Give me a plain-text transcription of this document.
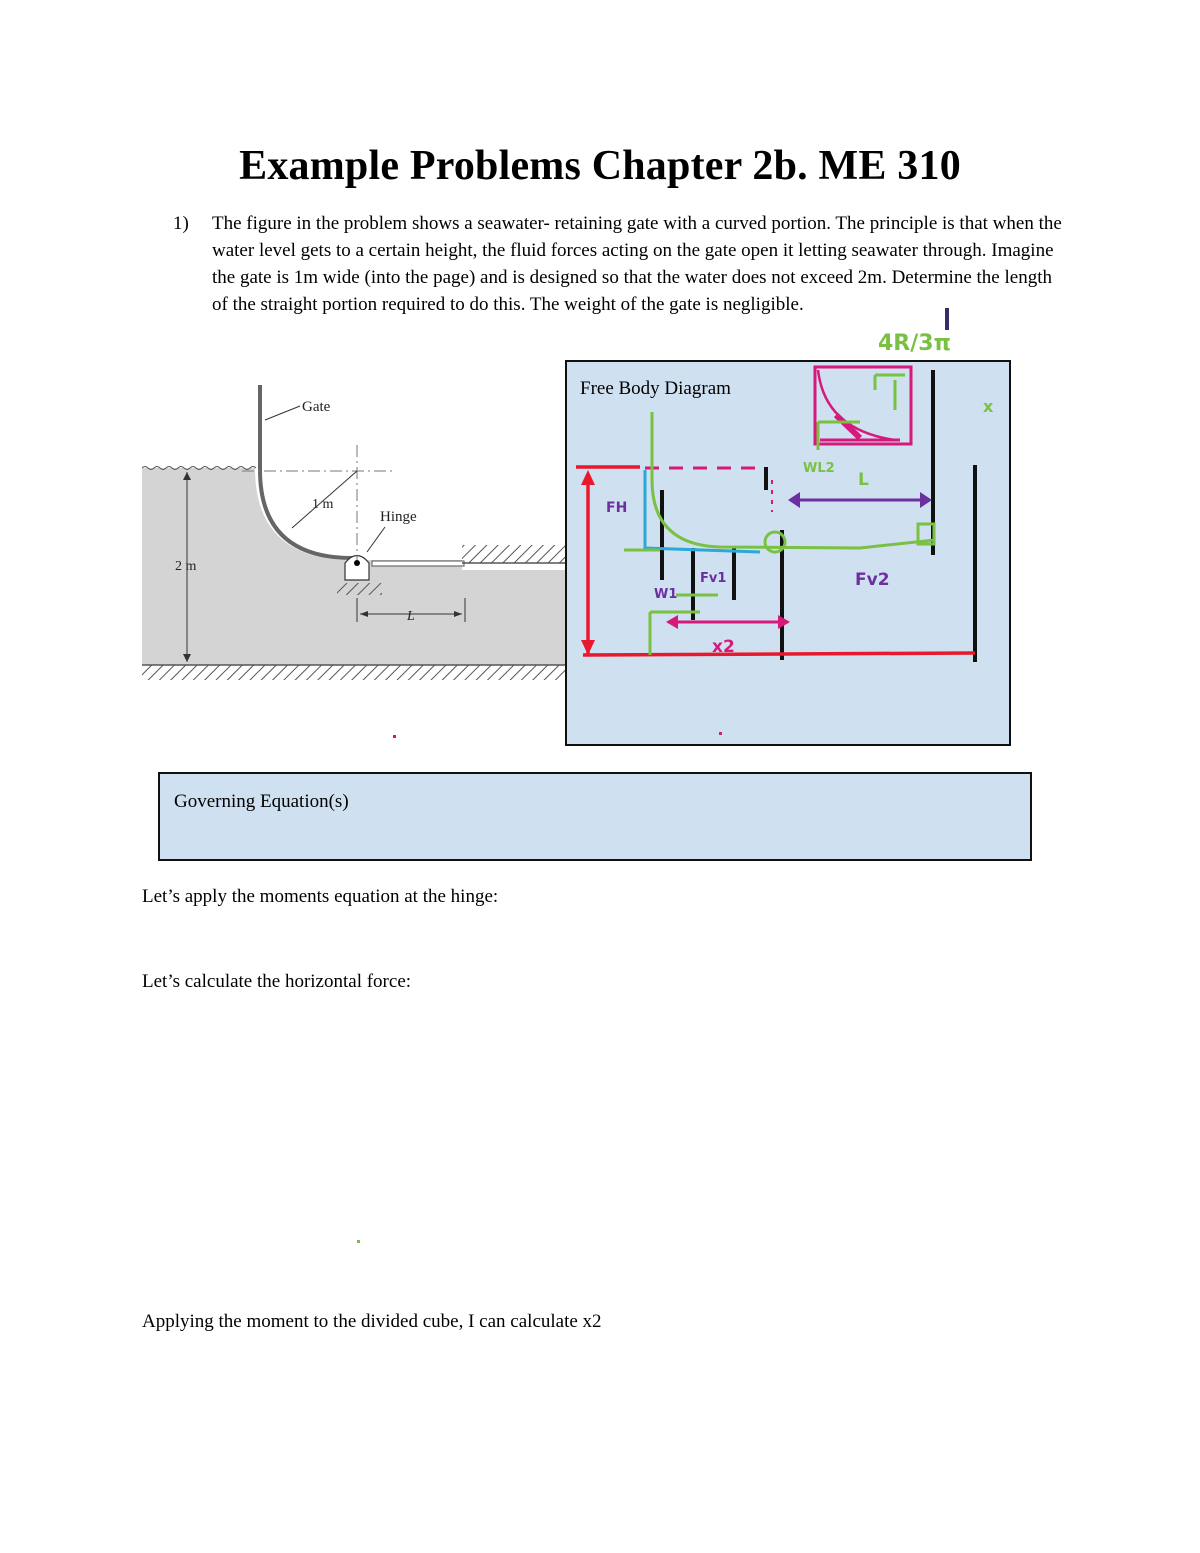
Example Problems Chapter 2b. ME 310
1) The figure in the problem shows a seawater- retaining gate with a curved portion. The principle is that when the water level gets to a certain height, the fluid forces acting on the gate open it letting seawater through. Imagine the gate is 1m wide (into the page) and is designed so that the water does not exceed 2m. Determine the length of the straight portion required to do this. The weight of the gate is negligible.
Gate
1 m
Hinge
2 m
L
Free Body Diagram
4R/3π
x
WL2
L
FH
W1
Fv1	Fv2
x2
Governing Equation(s)
Let’s apply the moments equation at the hinge:
Let’s calculate the horizontal force:
Applying the moment to the divided cube, I can calculate x2
